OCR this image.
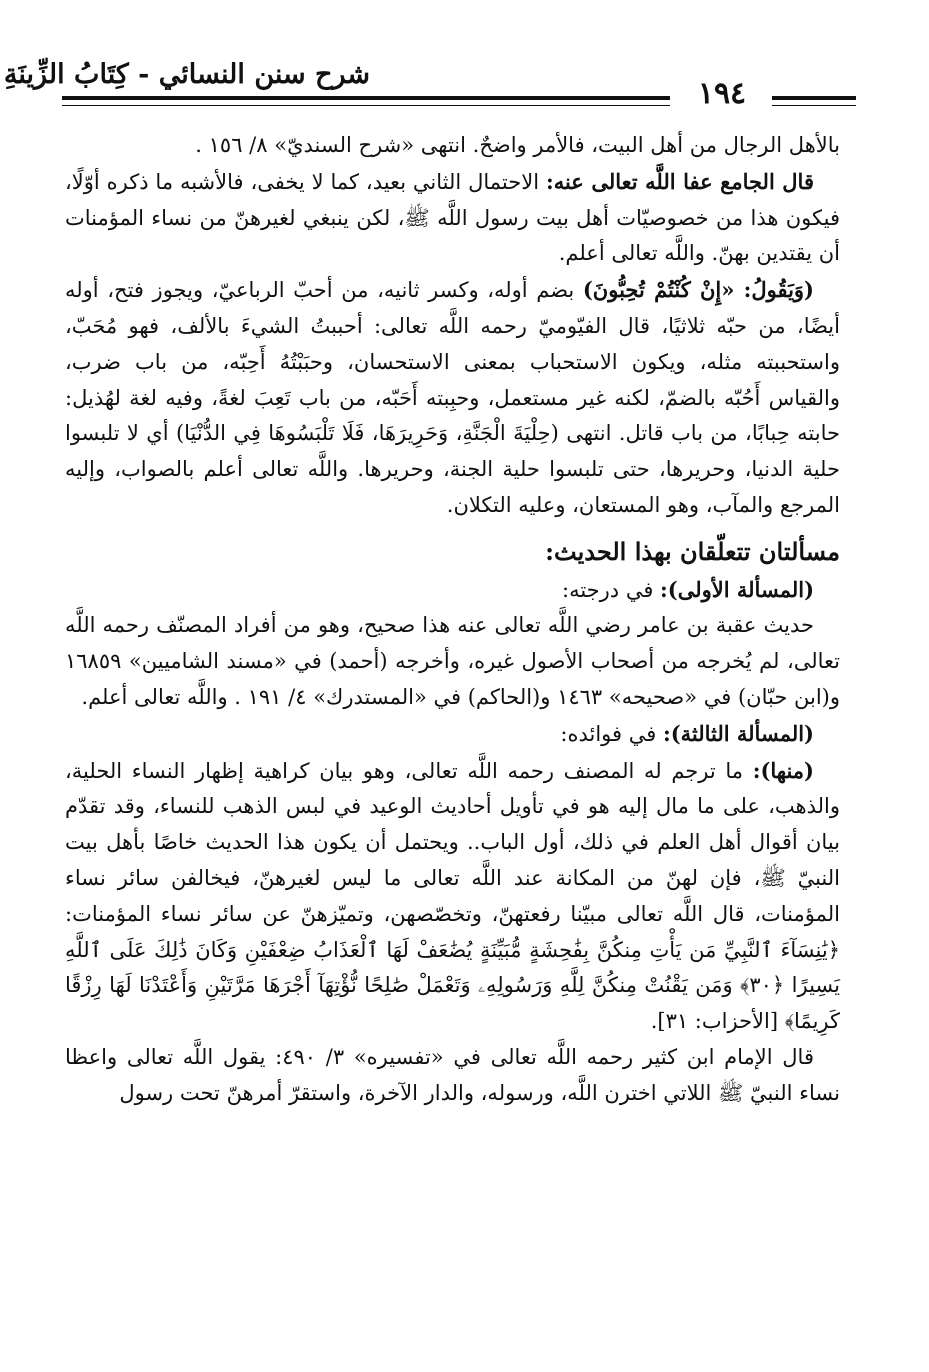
شرح سنن النسائي - كِتَابُ الزِّينَةِ
١٩٤

بالأهل الرجال من أهل البيت، فالأمر واضحٌ. انتهى «شرح السنديّ» ٨/ ١٥٦ .

قال الجامع عفا اللَّه تعالى عنه: الاحتمال الثاني بعيد، كما لا يخفى، فالأشبه ما ذكره أوّلًا، فيكون هذا من خصوصيّات أهل بيت رسول اللَّه ﷺ، لكن ينبغي لغيرهنّ من نساء المؤمنات أن يقتدين بهنّ. واللَّه تعالى أعلم.

(وَيَقُولُ: «إِنْ كُنْتُمْ تُحِبُّونَ) بضم أوله، وكسر ثانيه، من أحبّ الرباعيّ، ويجوز فتح، أوله أيضًا، من حبّه ثلاثيًا، قال الفيّوميّ رحمه اللَّه تعالى: أحببتُ الشيءَ بالألف، فهو مُحَبّ، واستحببته مثله، ويكون الاستحباب بمعنى الاستحسان، وحبَبْتُهُ أَحِبّه، من باب ضرب، والقياس أَحُبّه بالضمّ، لكنه غير مستعمل، وحبِبته أَحَبّه، من باب تَعِبَ لغةً، وفيه لغة لهُذيل: حابته حِبابًا، من باب قاتل. انتهى (حِلْيَةَ الْجَنَّةِ، وَحَرِيرَهَا، فَلَا تَلْبَسُوهَا فِي الدُّنْيَا) أي لا تلبسوا حلية الدنيا، وحريرها، حتى تلبسوا حلية الجنة، وحريرها. واللَّه تعالى أعلم بالصواب، وإليه المرجع والمآب، وهو المستعان، وعليه التكلان.

مسألتان تتعلّقان بهذا الحديث:

(المسألة الأولى): في درجته:

حديث عقبة بن عامر رضي اللَّه تعالى عنه هذا صحيح، وهو من أفراد المصنّف رحمه اللَّه تعالى، لم يُخرجه من أصحاب الأصول غيره، وأخرجه (أحمد) في «مسند الشاميين» ١٦٨٥٩ و(ابن حبّان) في «صحيحه» ١٤٦٣ و(الحاكم) في «المستدرك» ٤/ ١٩١ . واللَّه تعالى أعلم.

(المسألة الثالثة): في فوائده:

(منها): ما ترجم له المصنف رحمه اللَّه تعالى، وهو بيان كراهية إظهار النساء الحلية، والذهب، على ما مال إليه هو في تأويل أحاديث الوعيد في لبس الذهب للنساء، وقد تقدّم بيان أقوال أهل العلم في ذلك، أول الباب.. ويحتمل أن يكون هذا الحديث خاصًا بأهل بيت النبيّ ﷺ، فإن لهنّ من المكانة عند اللَّه تعالى ما ليس لغيرهنّ، فيخالفن سائر نساء المؤمنات، قال اللَّه تعالى مبيّنا رفعتهنّ، وتخصّصهن، وتميّزهنّ عن سائر نساء المؤمنات: ﴿يَٰنِسَآءَ ٱلنَّبِيِّ مَن يَأْتِ مِنكُنَّ بِفَٰحِشَةٍ مُّبَيِّنَةٍ يُضَٰعَفْ لَهَا ٱلْعَذَابُ ضِعْفَيْنِ وَكَانَ ذَٰلِكَ عَلَى ٱللَّهِ يَسِيرًا ﴿٣٠﴾ وَمَن يَقْنُتْ مِنكُنَّ لِلَّهِ وَرَسُولِهِۦ وَتَعْمَلْ صَٰلِحًا نُّؤْتِهَآ أَجْرَهَا مَرَّتَيْنِ وَأَعْتَدْنَا لَهَا رِزْقًا كَرِيمًا﴾ [الأحزاب: ٣١].

قال الإمام ابن كثير رحمه اللَّه تعالى في «تفسيره» ٣/ ٤٩٠: يقول اللَّه تعالى واعظا نساء النبيّ ﷺ اللاتي اخترن اللَّه، ورسوله، والدار الآخرة، واستقرّ أمرهنّ تحت رسول
